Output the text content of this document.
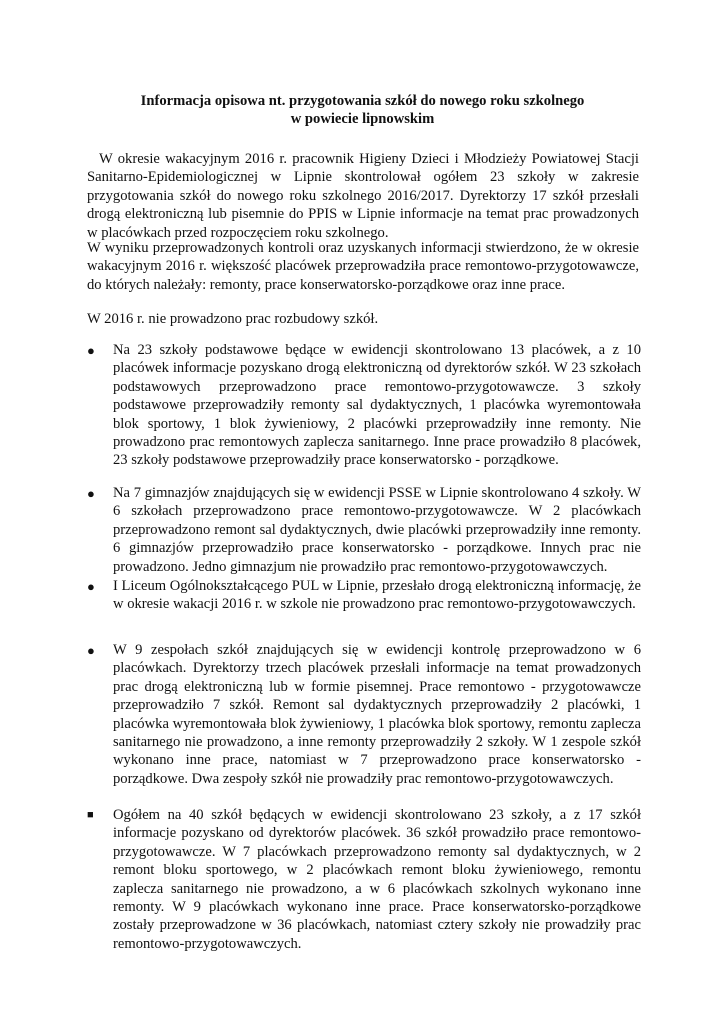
Informacja opisowa nt. przygotowania szkół do nowego roku szkolnego
w powiecie lipnowskim

W okresie wakacyjnym 2016 r. pracownik Higieny Dzieci i Młodzieży Powiatowej Stacji Sanitarno-Epidemiologicznej w Lipnie skontrolował ogółem 23 szkoły w zakresie przygotowania szkół do nowego roku szkolnego 2016/2017. Dyrektorzy 17 szkół przesłali drogą elektroniczną lub pisemnie do PPIS w Lipnie informacje na temat prac prowadzonych w placówkach przed rozpoczęciem roku szkolnego.

W wyniku przeprowadzonych kontroli oraz uzyskanych informacji stwierdzono, że w okresie wakacyjnym 2016 r. większość placówek przeprowadziła prace remontowo-przygotowawcze, do których należały: remonty, prace konserwatorsko-porządkowe oraz inne prace.

W 2016 r. nie prowadzono prac rozbudowy szkół.

●	Na 23 szkoły podstawowe będące w ewidencji skontrolowano 13 placówek, a z 10 placówek informacje pozyskano drogą elektroniczną od dyrektorów szkół. W 23 szkołach podstawowych przeprowadzono prace remontowo-przygotowawcze. 3 szkoły podstawowe przeprowadziły remonty sal dydaktycznych, 1 placówka wyremontowała blok sportowy, 1 blok żywieniowy, 2 placówki przeprowadziły inne remonty. Nie prowadzono prac remontowych zaplecza sanitarnego. Inne prace prowadziło 8 placówek, 23 szkoły podstawowe przeprowadziły prace konserwatorsko - porządkowe.
●	Na 7 gimnazjów znajdujących się w ewidencji PSSE w Lipnie skontrolowano 4 szkoły. W 6 szkołach przeprowadzono prace remontowo-przygotowawcze. W 2 placówkach przeprowadzono remont sal dydaktycznych, dwie placówki przeprowadziły inne remonty. 6 gimnazjów przeprowadziło prace konserwatorsko - porządkowe. Innych prac nie prowadzono. Jedno gimnazjum nie prowadziło prac remontowo-przygotowawczych.
●	I Liceum Ogólnokształcącego PUL w Lipnie, przesłało drogą elektroniczną informację, że w okresie wakacji 2016 r. w szkole nie prowadzono prac remontowo-przygotowawczych.
●	W 9 zespołach szkół znajdujących się w ewidencji kontrolę przeprowadzono w 6 placówkach. Dyrektorzy trzech placówek przesłali informacje na temat prowadzonych prac drogą elektroniczną lub w formie pisemnej. Prace remontowo - przygotowawcze przeprowadziło 7 szkół. Remont sal dydaktycznych przeprowadziły 2 placówki, 1 placówka wyremontowała blok żywieniowy, 1 placówka blok sportowy, remontu zaplecza sanitarnego nie prowadzono, a inne remonty przeprowadziły 2 szkoły. W 1 zespole szkół wykonano inne prace, natomiast w 7 przeprowadzono prace konserwatorsko - porządkowe. Dwa zespoły szkół nie prowadziły prac remontowo-przygotowawczych.
■	Ogółem na 40 szkół będących w ewidencji skontrolowano 23 szkoły, a z 17 szkół informacje pozyskano od dyrektorów placówek. 36 szkół prowadziło prace remontowo-przygotowawcze. W 7 placówkach przeprowadzono remonty sal dydaktycznych, w 2 remont bloku sportowego, w 2 placówkach remont bloku żywieniowego, remontu zaplecza sanitarnego nie prowadzono, a w 6 placówkach szkolnych wykonano inne remonty. W 9 placówkach wykonano inne prace. Prace konserwatorsko-porządkowe zostały przeprowadzone w 36 placówkach, natomiast cztery szkoły nie prowadziły prac remontowo-przygotowawczych.
